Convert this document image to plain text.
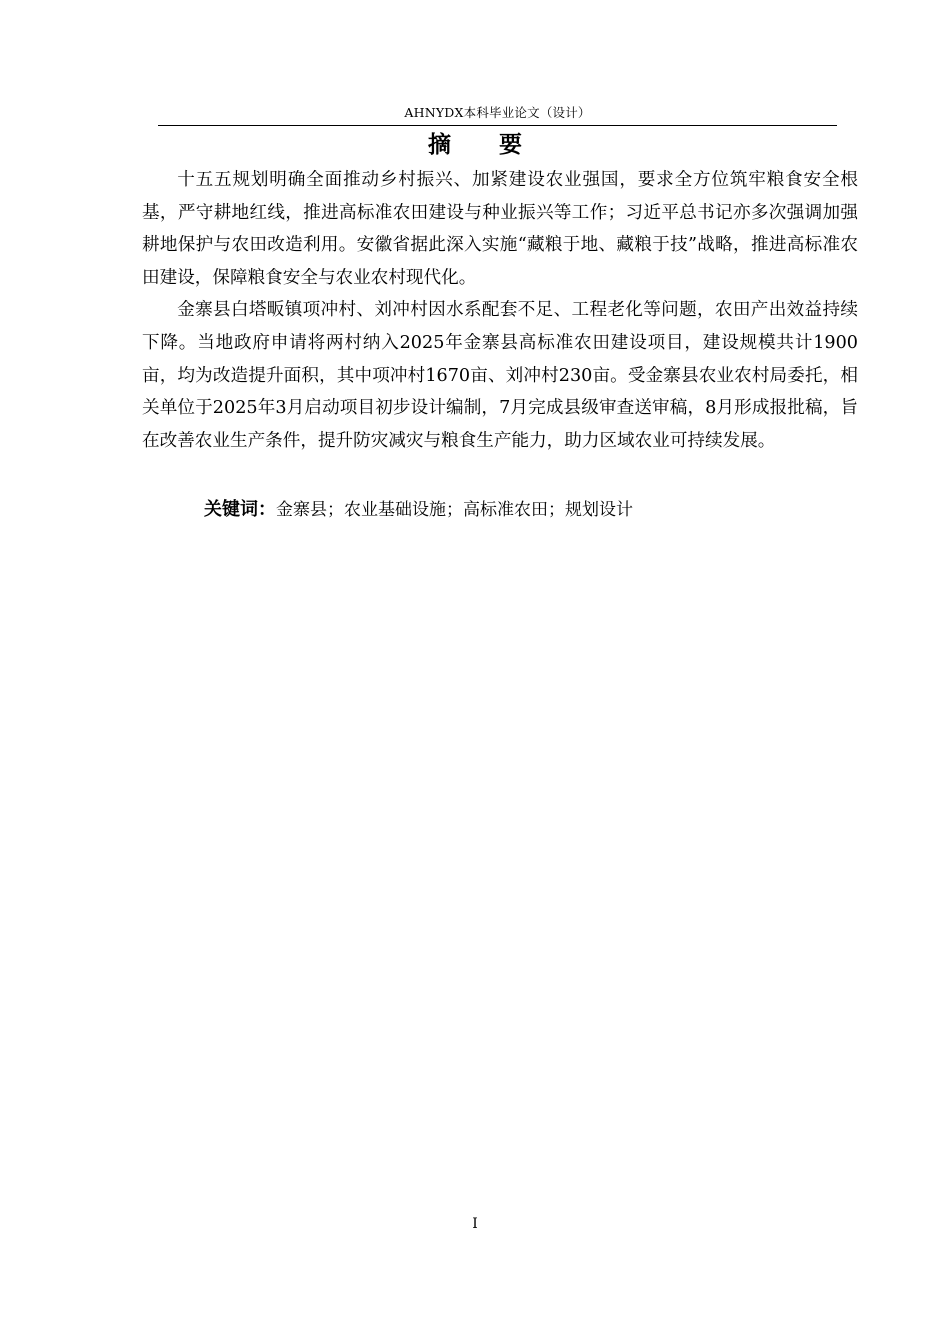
AHNYDX本科毕业论文（设计）
摘 要

十五五规划明确全面推动乡村振兴、加紧建设农业强国，要求全方位筑牢粮食安全根基，严守耕地红线，推进高标准农田建设与种业振兴等工作；习近平总书记亦多次强调加强耕地保护与农田改造利用。安徽省据此深入实施“藏粮于地、藏粮于技”战略，推进高标准农田建设，保障粮食安全与农业农村现代化。

金寨县白塔畈镇项冲村、刘冲村因水系配套不足、工程老化等问题，农田产出效益持续下降。当地政府申请将两村纳入2025年金寨县高标准农田建设项目，建设规模共计1900亩，均为改造提升面积，其中项冲村1670亩、刘冲村230亩。受金寨县农业农村局委托，相关单位于2025年3月启动项目初步设计编制，7月完成县级审查送审稿，8月形成报批稿，旨在改善农业生产条件，提升防灾减灾与粮食生产能力，助力区域农业可持续发展。

关键词：金寨县；农业基础设施；高标准农田；规划设计
I
